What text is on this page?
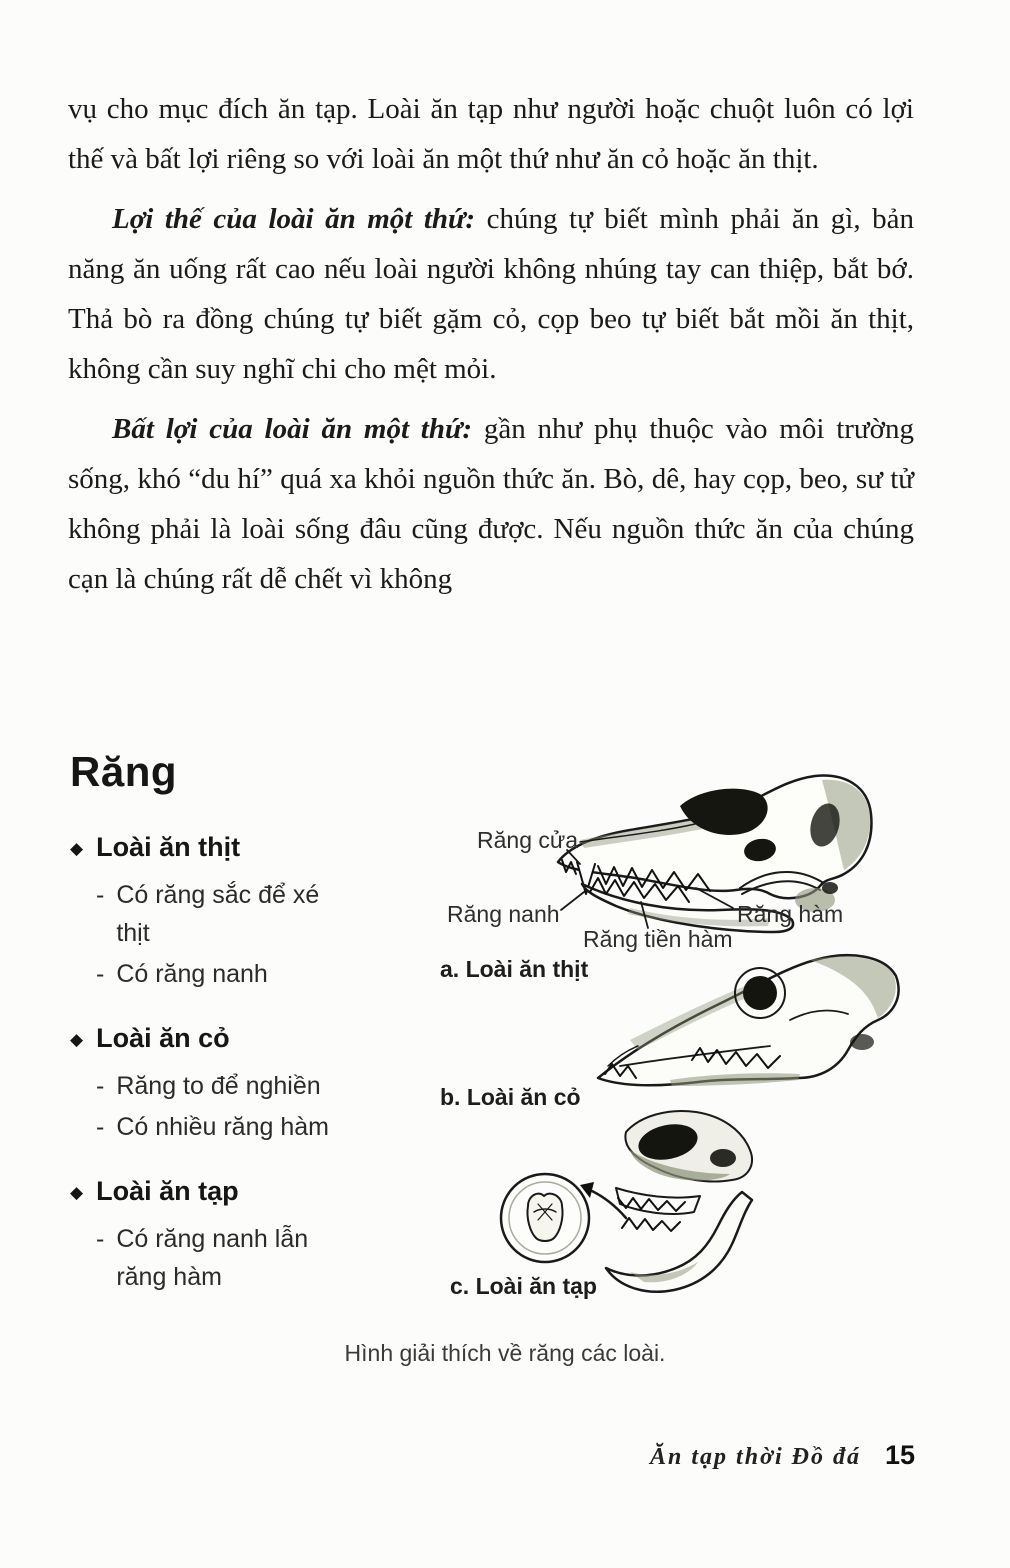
vụ cho mục đích ăn tạp. Loài ăn tạp như người hoặc chuột luôn có lợi thế và bất lợi riêng so với loài ăn một thứ như ăn cỏ hoặc ăn thịt.

Lợi thế của loài ăn một thứ: chúng tự biết mình phải ăn gì, bản năng ăn uống rất cao nếu loài người không nhúng tay can thiệp, bắt bớ. Thả bò ra đồng chúng tự biết gặm cỏ, cọp beo tự biết bắt mồi ăn thịt, không cần suy nghĩ chi cho mệt mỏi.

Bất lợi của loài ăn một thứ: gần như phụ thuộc vào môi trường sống, khó “du hí” quá xa khỏi nguồn thức ăn. Bò, dê, hay cọp, beo, sư tử không phải là loài sống đâu cũng được. Nếu nguồn thức ăn của chúng cạn là chúng rất dễ chết vì không

Răng
◆ Loài ăn thịt
- Có răng sắc để xé thịt
- Có răng nanh
◆ Loài ăn cỏ
- Răng to để nghiền
- Có nhiều răng hàm
◆ Loài ăn tạp
- Có răng nanh lẫn răng hàm
Răng cửa
Răng nanh
Răng tiền hàm
Răng hàm
a. Loài ăn thịt
b. Loài ăn cỏ
c. Loài ăn tạp
Hình giải thích về răng các loài.
Ăn tạp thời Đồ đá 15
